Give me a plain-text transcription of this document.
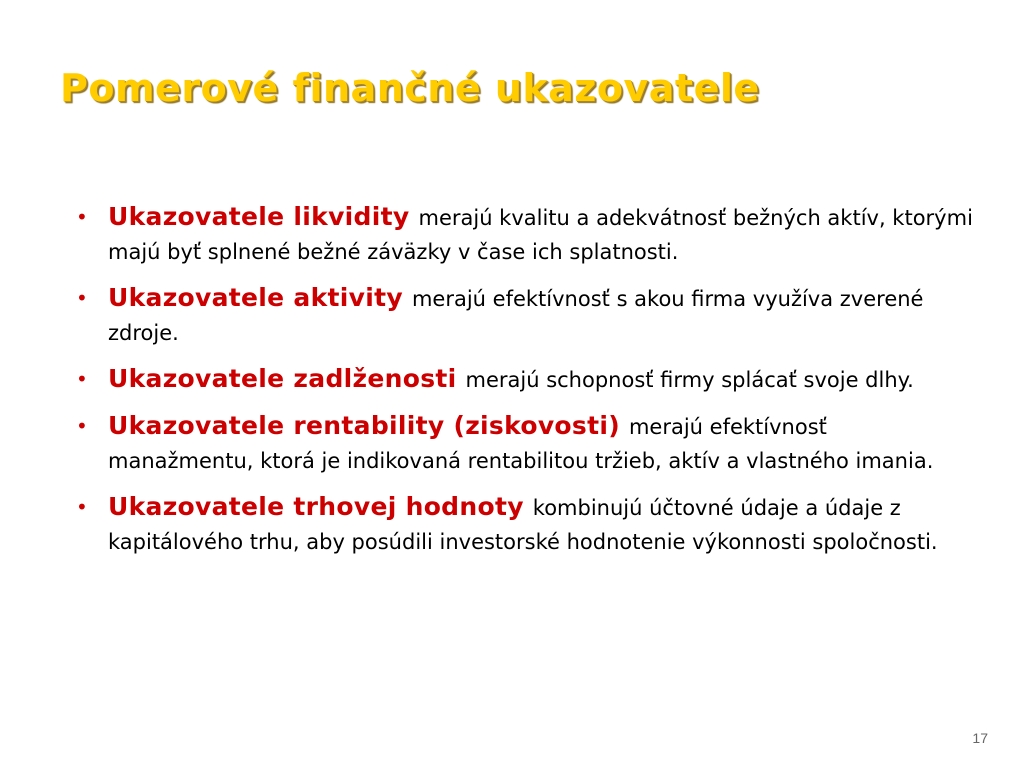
Pomerové finančné ukazovatele
• Ukazovatele likvidity merajú kvalitu a adekvátnosť bežných aktív, ktorými majú byť splnené bežné záväzky v čase ich splatnosti.
• Ukazovatele aktivity merajú efektívnosť s akou firma využíva zverené zdroje.
• Ukazovatele zadlženosti merajú schopnosť firmy splácať svoje dlhy.
• Ukazovatele rentability (ziskovosti) merajú efektívnosť manažmentu, ktorá je indikovaná rentabilitou tržieb, aktív a vlastného imania.
• Ukazovatele trhovej hodnoty kombinujú účtovné údaje a údaje z kapitálového trhu, aby posúdili investorské hodnotenie výkonnosti spoločnosti.
17
